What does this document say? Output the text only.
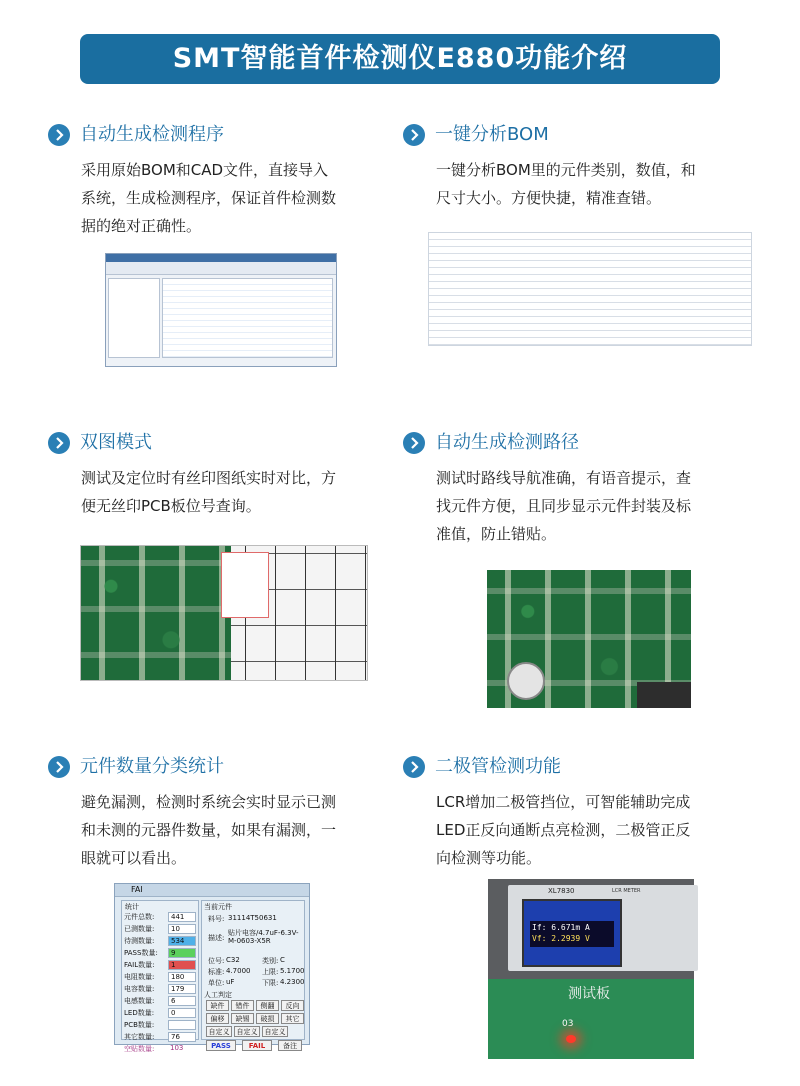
SMT智能首件检测仪E880功能介绍
自动生成检测程序
采用原始BOM和CAD文件，直接导入
系统，生成检测程序，保证首件检测数
据的绝对正确性。
一键分析BOM
一键分析BOM里的元件类别，数值，和
尺寸大小。方便快捷，精准查错。
双图模式
测试及定位时有丝印图纸实时对比，方
便无丝印PCB板位号查询。
自动生成检测路径
测试时路线导航准确，有语音提示，查
找元件方便，且同步显示元件封装及标
准值，防止错贴。
元件数量分类统计
避免漏测，检测时系统会实时显示已测
和未测的元器件数量，如果有漏测，一
眼就可以看出。
二极管检测功能
LCR增加二极管挡位，可智能辅助完成
LED正反向通断点亮检测，二极管正反
向检测等功能。
FAI
统计
元件总数:	441
已测数量:	10
待测数量:	534
PASS数量:	9
FAIL数量:	1
电阻数量:	180
电容数量:	179
电感数量:	6
LED数量:	0
PCB数量:
其它数量:	76
空贴数量:	103
当前元件
料号: 31114T50631
描述:
贴片电容/4.7uF-6.3V-M-0603-X5R
位号: C32	类别: C
标准: 4.7000 上限: 5.1700
单位: uF	下限: 4.2300
人工判定
缺件	错件	侧翻	反向
偏移	缺锡	破损	其它
自定义	自定义	自定义
PASS	FAIL	备注
XL7830	LCR METER
If: 6.671m A
Vf: 2.2939 V
测试板
03
